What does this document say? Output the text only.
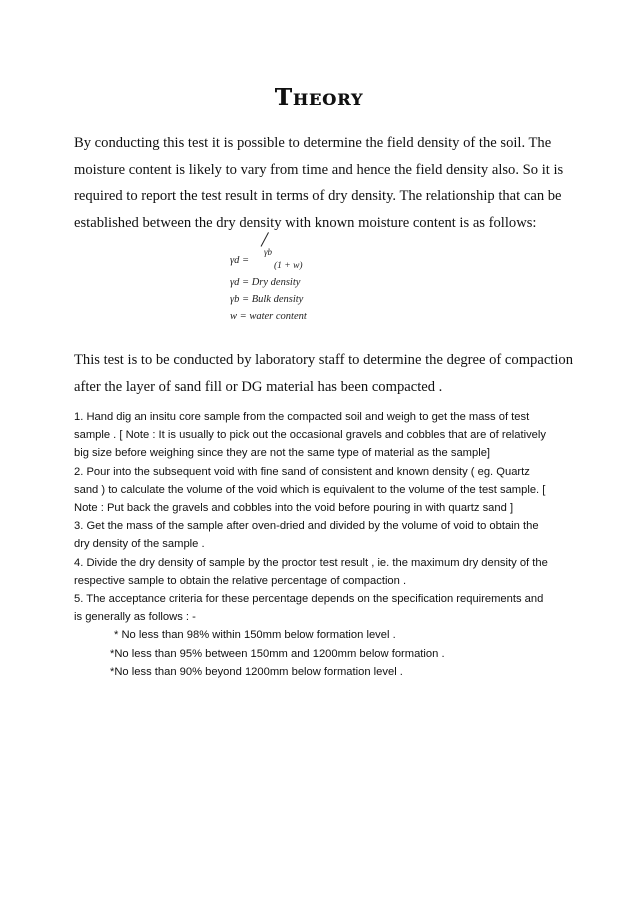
Theory

By conducting this test it is possible to determine the field density of the soil. The moisture content is likely to vary from time and hence the field density also. So it is required to report the test result in terms of dry density. The relationship that can be established between the dry density with known moisture content is as follows:

γd =
γb
(1 + w)
γd = Dry density
γb = Bulk density
w = water content

This test is to be conducted by laboratory staff to determine the degree of compaction after the layer of sand fill or DG material has been compacted .

1. Hand dig an insitu core sample from the compacted soil and weigh to get the mass of test
sample . [ Note : It is usually to pick out the occasional gravels and cobbles that are of relatively
big size before weighing since they are not the same type of material as the sample]
2. Pour into the subsequent void with fine sand of consistent and known density ( eg. Quartz
sand ) to calculate the volume of the void which is equivalent to the volume of the test sample. [
Note : Put back the gravels and cobbles into the void before pouring in with quartz sand ]
3. Get the mass of the sample after oven-dried and divided by the volume of void to obtain the
dry density of the sample .
4. Divide the dry density of sample by the proctor test result , ie. the maximum dry density of the
respective sample to obtain the relative percentage of compaction .
5. The acceptance criteria for these percentage depends on the specification requirements and
is generally as follows : -
* No less than 98% within 150mm below formation level .
*No less than 95% between 150mm and 1200mm below formation .
*No less than 90% beyond 1200mm below formation level .
